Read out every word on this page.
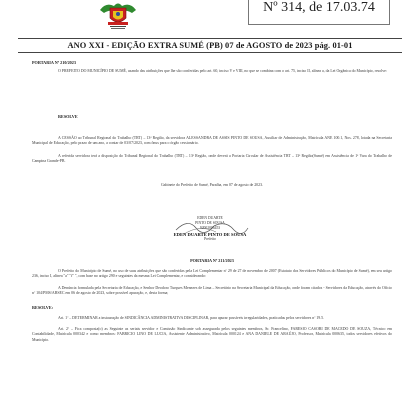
Nº 314, de 17.03.74
ANO XXI - EDIÇÃO EXTRA SUMÉ (PB) 07 de AGOSTO de 2023 pág. 01-01
PORTARIA Nº 210/2023

O PREFEITO DO MUNICÍPIO DE SUMÉ, usando das atribuições que lhe são conferidas pelo art. 60, inciso V e VIII, no que se combina com o art. 75, inciso II, alínea a, da Lei Orgânica do Município, resolve:

RESOLVE

A CESSÃO ao Tribunal Regional do Trabalho (TRT) – 13ª Região, da servidora ALESSANDRA DE ASSIS PINTO DE SOUSA, Auxiliar de Administração, Matrícula ANE 100.1, Nos. 278, lotada na Secretaria Municipal de Educação, pelo prazo de um ano, a contar de 03/07/2023, com ônus para o órgão cessionário.

A referida servidora terá a disposição do Tribunal Regional do Trabalho (TRT) – 13ª Região, onde deverá a Portaria Circular de Assistência TRT – 13ª Região(Sumé) em Assistência de 1ª Vara do Trabalho de Campina Grande-PB.

Gabinete do Prefeito de Sumé, Paraíba, em 07 de agosto de 2023.

EDEN DUARTE
PINTO DE SOUSA
92002006453
EDEN DUARTE PINTO DE SOUSA
Prefeito
PORTARIA Nº 211/2023

O Prefeito do Município de Sumé, no uso de suas atribuições que são conferidas pela Lei Complementar nº 29 de 27 de novembro de 2007 (Estatuto dos Servidores Públicos do Município de Sumé), em seu artigo 236, inciso I, alínea "a" "f" ", com base no artigo 290 e seguintes da mesma Lei Complementar, e considerando:

A Denúncia formulada pela Secretaria de Educação, e Senhor Deodoro Turques Menezes de Lima – Secretário na Secretaria Municipal da Educação, onde foram citados - Servidores da Educação, através do Ofício nº 104/PMS/ABSEC em 06 de agosto de 2023, sobre possível apuração, e, desta forma;

RESOLVE:

Art. 1º – DETERMINAR a instauração de SINDICÂNCIA ADMINISTRATIVA DISCIPLINAR, para apurar possíveis irregularidades, praticadas pelos servidores nº 19.5.

Art. 2º – Fica composta(o) as Seguinte as seriais servidor e Comissão Sindicante sob assegurada pelos seguintes membros, Sr. Francelino, FARESIO CASOBI DE MACEDO DE SOUZA, Técnico em Contabilidade, Matrícula 000342 e como membros: FABRICIO LINO DE LUCIA, Assistente Administrativo, Matrícula 000124 e ANA DANIELE DE ARAÚJO, Professor, Matrícula 000635, todos servidores efetivos do Município.
